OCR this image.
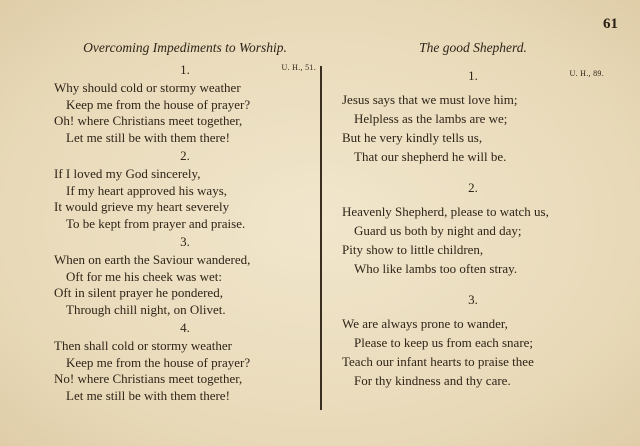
61
Overcoming Impediments to Worship.
1.	U. H., 51.
Why should cold or stormy weather
Keep me from the house of prayer?
Oh! where Christians meet together,
Let me still be with them there!
2.
If I loved my God sincerely,
If my heart approved his ways,
It would grieve my heart severely
To be kept from prayer and praise.
3.
When on earth the Saviour wandered,
Oft for me his cheek was wet:
Oft in silent prayer he pondered,
Through chill night, on Olivet.
4.
Then shall cold or stormy weather
Keep me from the house of prayer?
No! where Christians meet together,
Let me still be with them there!
The good Shepherd.
1.	U. H., 89.
Jesus says that we must love him;
Helpless as the lambs are we;
But he very kindly tells us,
That our shepherd he will be.
2.
Heavenly Shepherd, please to watch us,
Guard us both by night and day;
Pity show to little children,
Who like lambs too often stray.
3.
We are always prone to wander,
Please to keep us from each snare;
Teach our infant hearts to praise thee
For thy kindness and thy care.
